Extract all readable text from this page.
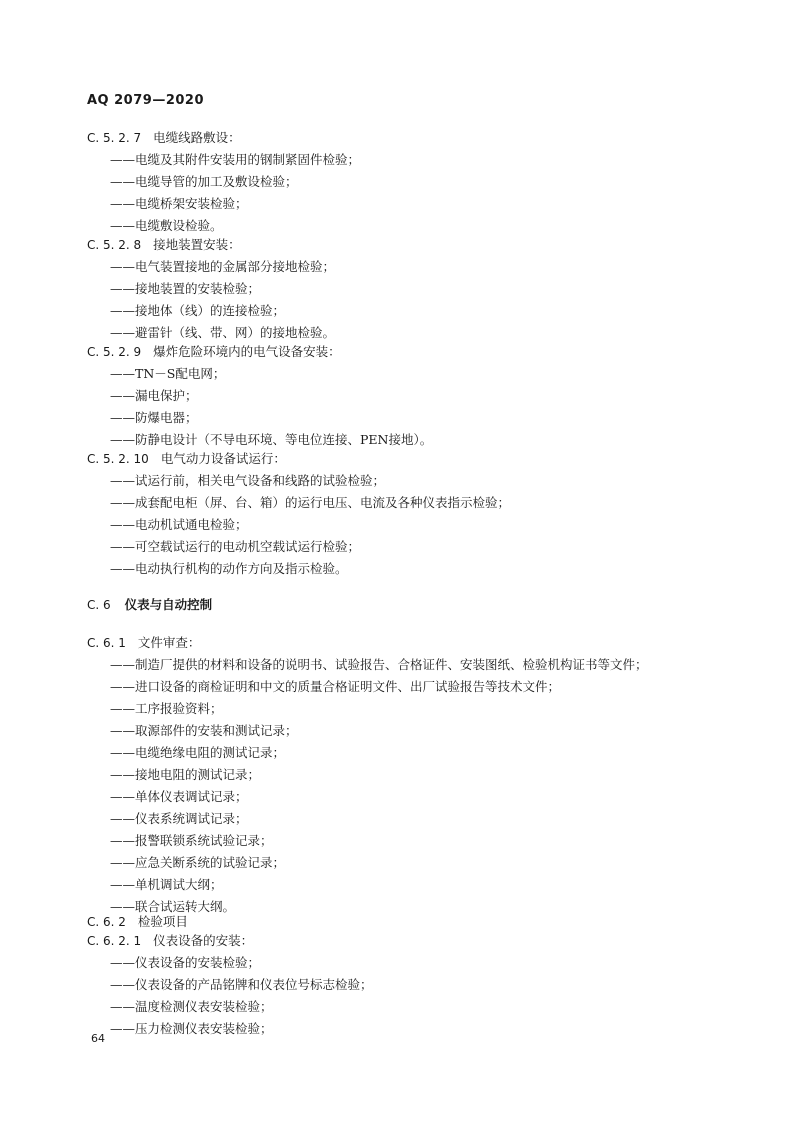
AQ 2079—2020
C. 5. 2. 7 电缆线路敷设：
——电缆及其附件安装用的钢制紧固件检验；
——电缆导管的加工及敷设检验；
——电缆桥架安装检验；
——电缆敷设检验。
C. 5. 2. 8 接地装置安装：
——电气装置接地的金属部分接地检验；
——接地装置的安装检验；
——接地体（线）的连接检验；
——避雷针（线、带、网）的接地检验。
C. 5. 2. 9 爆炸危险环境内的电气设备安装：
——TN－S配电网；
——漏电保护；
——防爆电器；
——防静电设计（不导电环境、等电位连接、PEN接地）。
C. 5. 2. 10 电气动力设备试运行：
——试运行前，相关电气设备和线路的试验检验；
——成套配电柜（屏、台、箱）的运行电压、电流及各种仪表指示检验；
——电动机试通电检验；
——可空载试运行的电动机空载试运行检验；
——电动执行机构的动作方向及指示检验。
C. 6 仪表与自动控制
C. 6. 1 文件审查：
——制造厂提供的材料和设备的说明书、试验报告、合格证件、安装图纸、检验机构证书等文件；
——进口设备的商检证明和中文的质量合格证明文件、出厂试验报告等技术文件；
——工序报验资料；
——取源部件的安装和测试记录；
——电缆绝缘电阻的测试记录；
——接地电阻的测试记录；
——单体仪表调试记录；
——仪表系统调试记录；
——报警联锁系统试验记录；
——应急关断系统的试验记录；
——单机调试大纲；
——联合试运转大纲。
C. 6. 2 检验项目
C. 6. 2. 1 仪表设备的安装：
——仪表设备的安装检验；
——仪表设备的产品铭牌和仪表位号标志检验；
——温度检测仪表安装检验；
——压力检测仪表安装检验；
64
